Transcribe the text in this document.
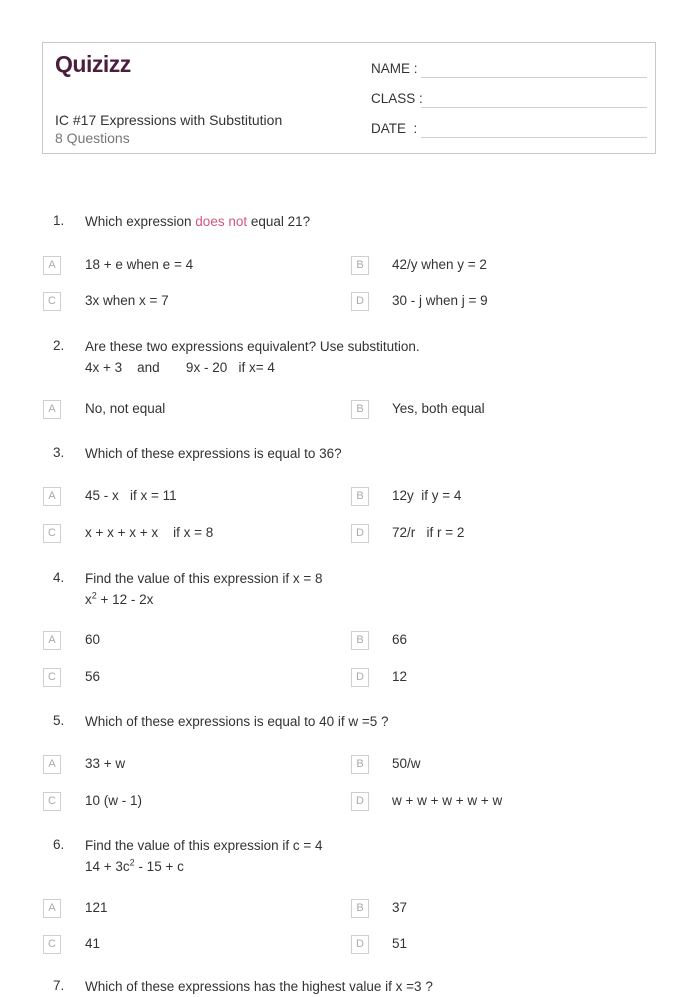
Quizizz
IC #17 Expressions with Substitution
8 Questions
NAME :
CLASS :
DATE  :
1. Which expression does not equal 21?
A	18 + e when e = 4	B	42/y when y = 2
C	3x when x = 7	D	30 - j when j = 9
2. Are these two expressions equivalent? Use substitution.
4x + 3    and       9x - 20   if x= 4
A	No, not equal	B	Yes, both equal
3. Which of these expressions is equal to 36?
A	45 - x   if x = 11	B	12y  if y = 4
C	x + x + x + x    if x = 8	D	72/r   if r = 2
4. Find the value of this expression if x = 8
$x^2 + 12 - 2x$
A	60	B	66
C	56	D	12
5. Which of these expressions is equal to 40 if w =5 ?
A	33 + w	B	50/w
C	10 (w - 1)	D	w + w + w + w + w
6. Find the value of this expression if c = 4
$14 + 3c^2 - 15 + c$
A	121	B	37
C	41	D	51
7. Which of these expressions has the highest value if x =3 ?
